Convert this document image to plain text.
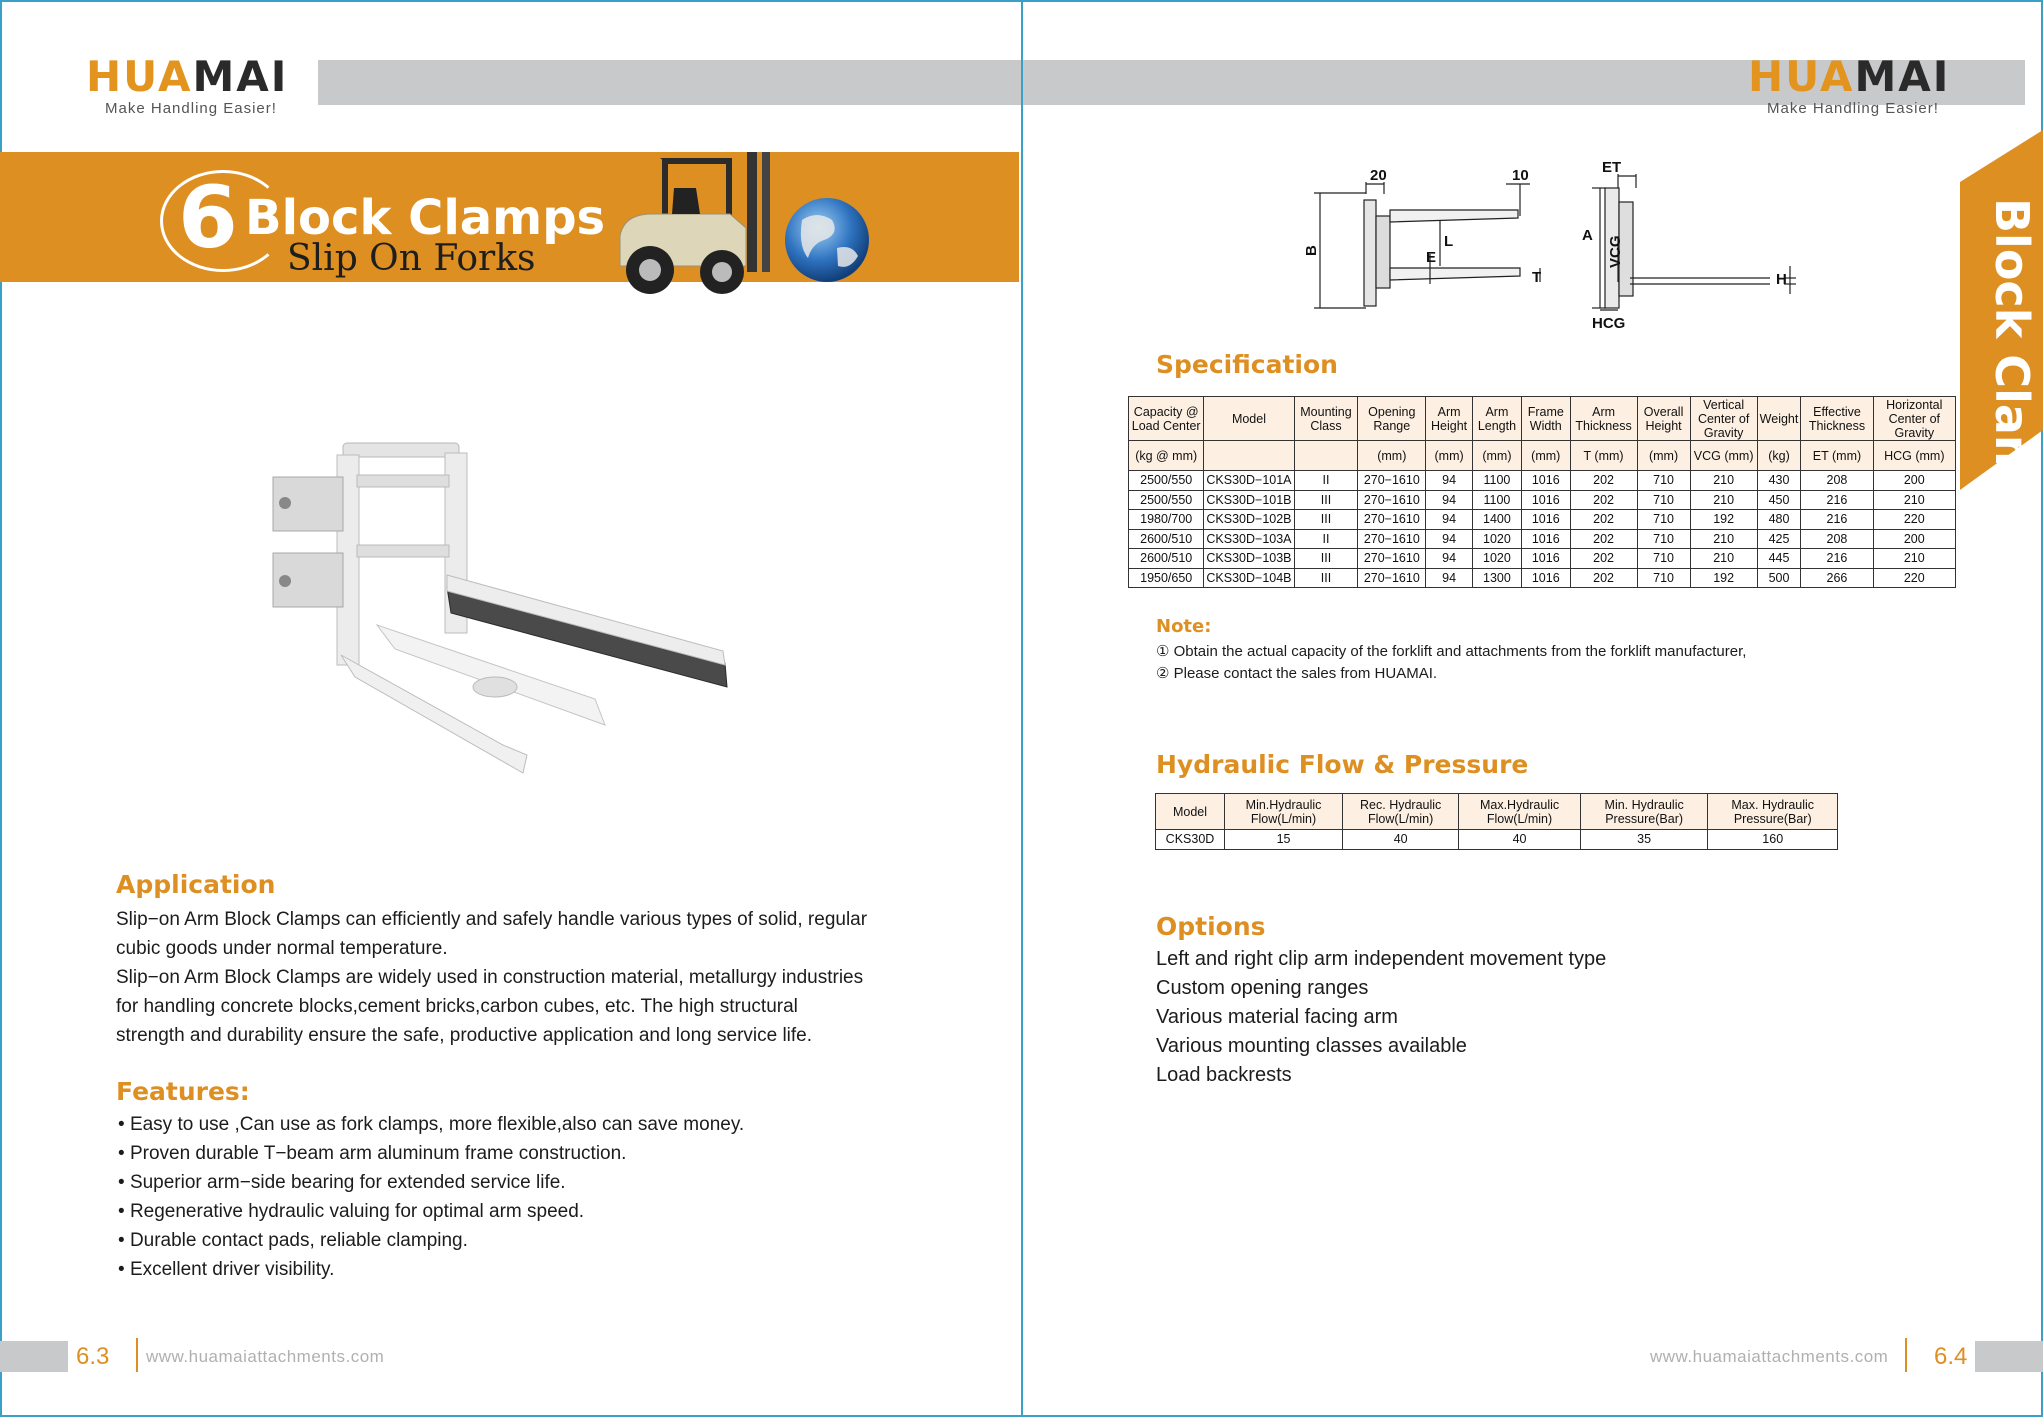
HUAMAI
Make Handling Easier!
6 Block Clamps
Slip On Forks
Application
Slip−on Arm Block Clamps can efficiently and safely handle various types of solid, regular
cubic goods under normal temperature.
Slip−on Arm Block Clamps are widely used in construction material, metallurgy industries
for handling concrete blocks,cement bricks,carbon cubes, etc. The high structural
strength and durability ensure the safe, productive application and long service life.
Features:
• Easy to use ,Can use as fork clamps, more flexible,also can save money.
• Proven durable T−beam arm aluminum frame construction.
• Superior arm−side bearing for extended service life.
• Regenerative hydraulic valuing for optimal arm speed.
• Durable contact pads, reliable clamping.
• Excellent driver visibility.
6.3 www.huamaiattachments.com
HUAMAI
Make Handling Easier!
Block Clamps
20	10	ET
B
L
E
T
A VCG
H
HCG
Specification
Capacity @ Load Center	Model	Mounting Class	Opening Range	Arm Height	Arm Length	Frame Width	Arm Thickness	Overall Height	Vertical Center of Gravity	Weight	Effective Thickness	Horizontal Center of Gravity
(kg @ mm)			(mm)	(mm)	(mm)	(mm)	T (mm)	(mm)	VCG (mm)	(kg)	ET (mm)	HCG (mm)
2500/550	CKS30D−101A	II	270−1610	94	1100	1016	202	710	210	430	208	200
2500/550	CKS30D−101B	III	270−1610	94	1100	1016	202	710	210	450	216	210
1980/700	CKS30D−102B	III	270−1610	94	1400	1016	202	710	192	480	216	220
2600/510	CKS30D−103A	II	270−1610	94	1020	1016	202	710	210	425	208	200
2600/510	CKS30D−103B	III	270−1610	94	1020	1016	202	710	210	445	216	210
1950/650	CKS30D−104B	III	270−1610	94	1300	1016	202	710	192	500	266	220
Note:
① Obtain the actual capacity of the forklift and attachments from the forklift manufacturer,
② Please contact the sales from HUAMAI.
Hydraulic Flow & Pressure
Model	Min.Hydraulic Flow(L/min)	Rec. Hydraulic Flow(L/min)	Max.Hydraulic Flow(L/min)	Min. Hydraulic Pressure(Bar)	Max. Hydraulic Pressure(Bar)
CKS30D	15	40	40	35	160
Options
Left and right clip arm independent movement type
Custom opening ranges
Various material facing arm
Various mounting classes available
Load backrests
www.huamaiattachments.com 6.4
